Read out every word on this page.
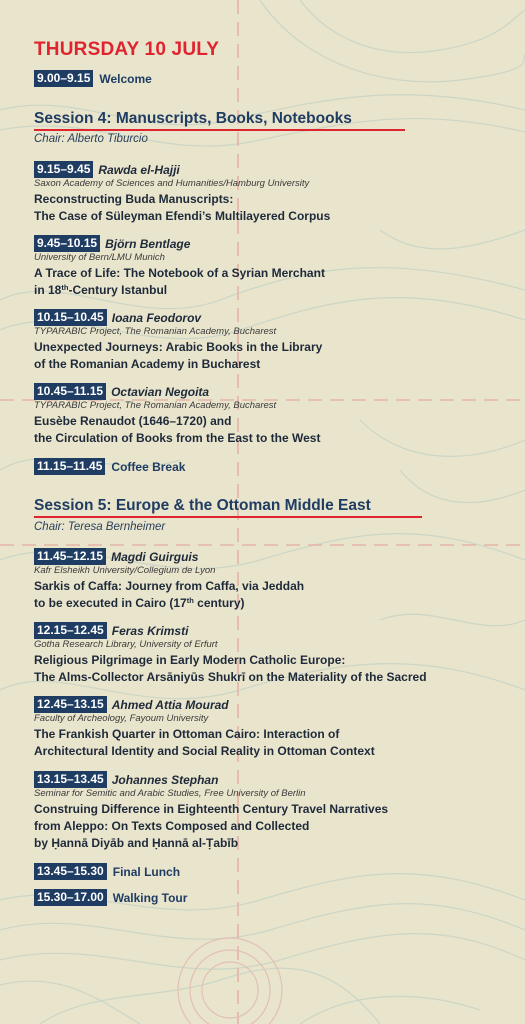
THURSDAY 10 JULY
9.00–9.15 Welcome
Session 4: Manuscripts, Books, Notebooks
Chair: Alberto Tiburcio
9.15–9.45 Rawda el-Hajji
Saxon Academy of Sciences and Humanities/Hamburg University
Reconstructing Buda Manuscripts:
The Case of Süleyman Efendi’s Multilayered Corpus
9.45–10.15 Björn Bentlage
University of Bern/LMU Munich
A Trace of Life: The Notebook of a Syrian Merchant
in 18th-Century Istanbul
10.15–10.45 Ioana Feodorov
TYPARABIC Project, The Romanian Academy, Bucharest
Unexpected Journeys: Arabic Books in the Library
of the Romanian Academy in Bucharest
10.45–11.15 Octavian Negoita
TYPARABIC Project, The Romanian Academy, Bucharest
Eusèbe Renaudot (1646–1720) and
the Circulation of Books from the East to the West
11.15–11.45 Coffee Break
Session 5: Europe & the Ottoman Middle East
Chair: Teresa Bernheimer
11.45–12.15 Magdi Guirguis
Kafr Elsheikh University/Collegium de Lyon
Sarkis of Caffa: Journey from Caffa, via Jeddah
to be executed in Cairo (17th century)
12.15–12.45 Feras Krimsti
Gotha Research Library, University of Erfurt
Religious Pilgrimage in Early Modern Catholic Europe:
The Alms-Collector Arsāniyūs Shukrī on the Materiality of the Sacred
12.45–13.15 Ahmed Attia Mourad
Faculty of Archeology, Fayoum University
The Frankish Quarter in Ottoman Cairo: Interaction of
Architectural Identity and Social Reality in Ottoman Context
13.15–13.45 Johannes Stephan
Seminar for Semitic and Arabic Studies, Free University of Berlin
Construing Difference in Eighteenth Century Travel Narratives
from Aleppo: On Texts Composed and Collected
by Ḥannā Diyāb and Ḥannā al-Ṭabīb
13.45–15.30 Final Lunch
15.30–17.00 Walking Tour
